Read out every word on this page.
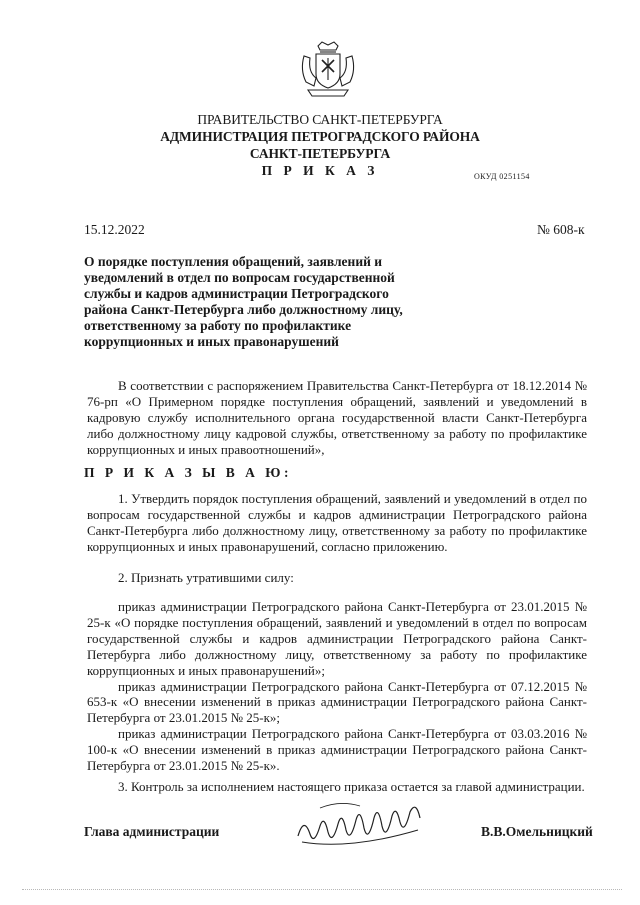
ПРАВИТЕЛЬСТВО САНКТ-ПЕТЕРБУРГА
АДМИНИСТРАЦИЯ ПЕТРОГРАДСКОГО РАЙОНА
САНКТ-ПЕТЕРБУРГА
П Р И К А З	ОКУД 0251154
15.12.2022	№ 608-к
О порядке поступления обращений, заявлений и уведомлений в отдел по вопросам государственной службы и кадров администрации Петроградского района Санкт-Петербурга либо должностному лицу, ответственному за работу по профилактике коррупционных и иных правонарушений

В соответствии с распоряжением Правительства Санкт-Петербурга от 18.12.2014 № 76-рп «О Примерном порядке поступления обращений, заявлений и уведомлений в кадровую службу исполнительного органа государственной власти Санкт-Петербурга либо должностному лицу кадровой службы, ответственному за работу по профилактике коррупционных и иных правоотношений»,

П Р И К А З Ы В А Ю:

1. Утвердить порядок поступления обращений, заявлений и уведомлений в отдел по вопросам государственной службы и кадров администрации Петроградского района Санкт-Петербурга либо должностному лицу, ответственному за работу по профилактике коррупционных и иных правонарушений, согласно приложению.

2. Признать утратившими силу:

приказ администрации Петроградского района Санкт-Петербурга от 23.01.2015 № 25-к «О порядке поступления обращений, заявлений и уведомлений в отдел по вопросам государственной службы и кадров администрации Петроградского района Санкт-Петербурга либо должностному лицу, ответственному за работу по профилактике коррупционных и иных правонарушений»;

приказ администрации Петроградского района Санкт-Петербурга от 07.12.2015 № 653-к «О внесении изменений в приказ администрации Петроградского района Санкт-Петербурга от 23.01.2015 № 25-к»;

приказ администрации Петроградского района Санкт-Петербурга от 03.03.2016 № 100-к «О внесении изменений в приказ администрации Петроградского района Санкт-Петербурга от 23.01.2015 № 25-к».

3. Контроль за исполнением настоящего приказа остается за главой администрации.

Глава администрации	В.В.Омельницкий
